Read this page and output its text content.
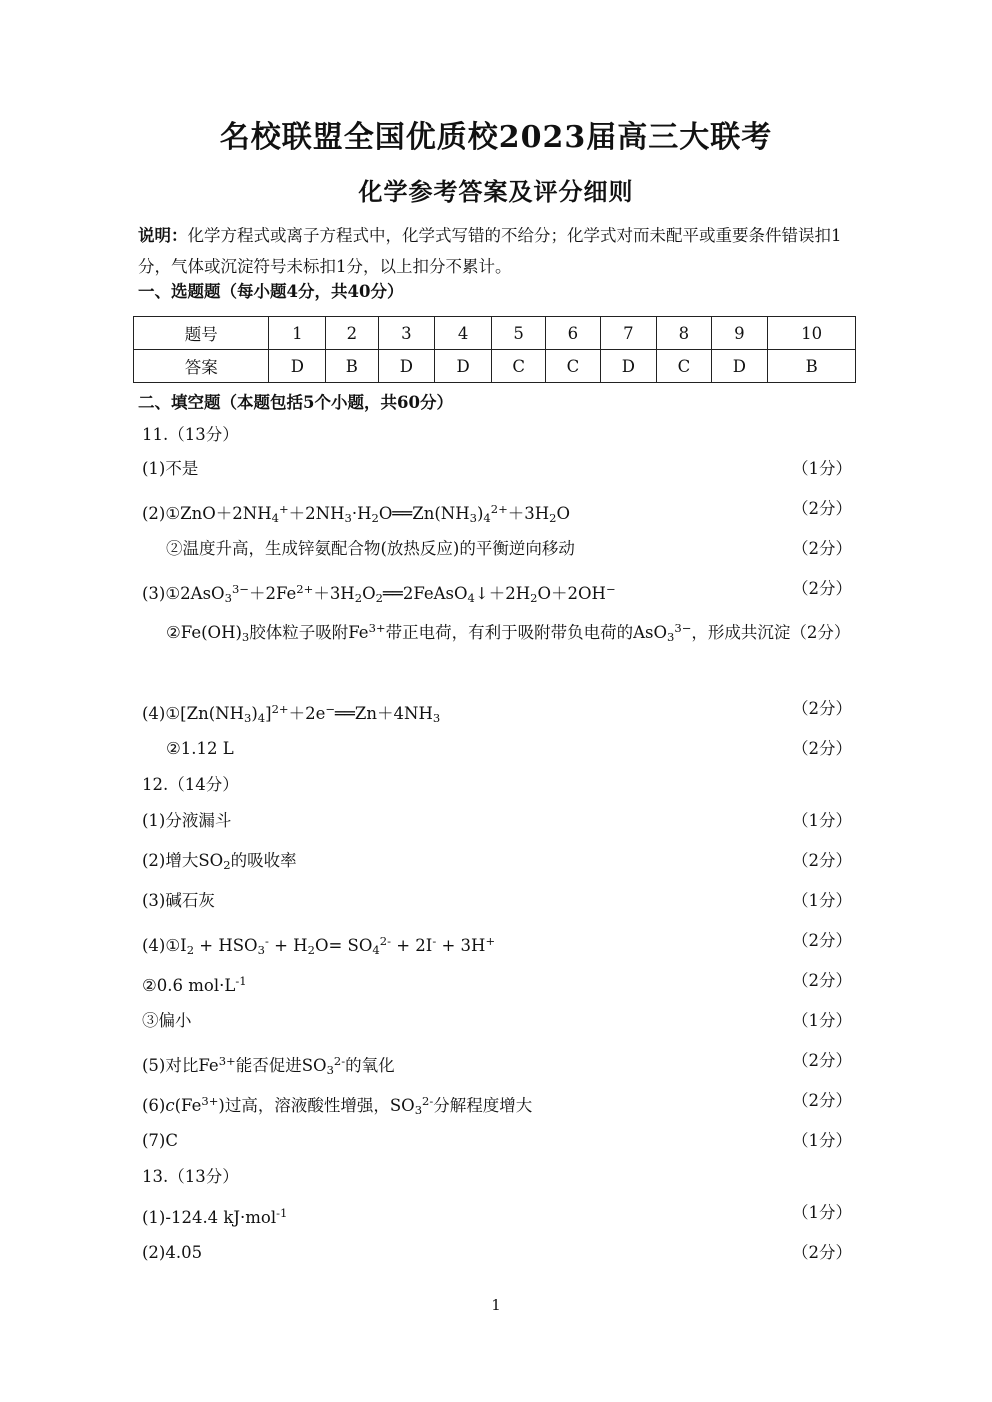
名校联盟全国优质校2023届高三大联考
化学参考答案及评分细则
说明：化学方程式或离子方程式中，化学式写错的不给分；化学式对而未配平或重要条件错误扣1分，气体或沉淀符号未标扣1分，以上扣分不累计。
一、选题题（每小题4分，共40分）
题号	1	2	3	4	5	6	7	8	9	10
答案	D	B	D	D	C	C	D	C	D	B
二、填空题（本题包括5个小题，共60分）
11.（13分）
(1)不是	（1分）
$(2)①ZnO+2NH_4^++2NH_3\cdot H_2O══Zn(NH_3)_4^{2+}+3H_2O$	（2分）
②温度升高，生成锌氨配合物(放热反应)的平衡逆向移动	（2分）
$(3)①2AsO_3^{3-}+2Fe^{2+}+3H_2O_2══2FeAsO_4↓+2H_2O+2OH^-$	（2分）
$②Fe(OH)_3$胶体粒子吸附$Fe^{3+}$带正电荷，有利于吸附带负电荷的AsO$_3^{3-}$，形成共沉淀（2分）
$(4)①[Zn(NH_3)_4]^{2+}+2e^-══Zn+4NH_3$	（2分）
②1.12 L	（2分）
12.（14分）
(1)分液漏斗	（1分）
(2)增大$SO_2$的吸收率	（2分）
(3)碱石灰	（1分）
$(4)①I_2 + HSO_3^- + H_2O= SO_4^{2-} + 2I^- + 3H^+$	（2分）
②0.6 $mol\cdot L^{-1}$	（2分）
③偏小	（1分）
(5)对比$Fe^{3+}$能否促进$SO_3^{2-}$的氧化	（2分）
$(6)c(Fe^{3+})$过高，溶液酸性增强，$SO_3^{2-}$分解程度增大	（2分）
(7)C	（1分）
13.（13分）
(1)-124.4 kJ·mol$^{-1}$	（1分）
(2)4.05	（2分）
1
